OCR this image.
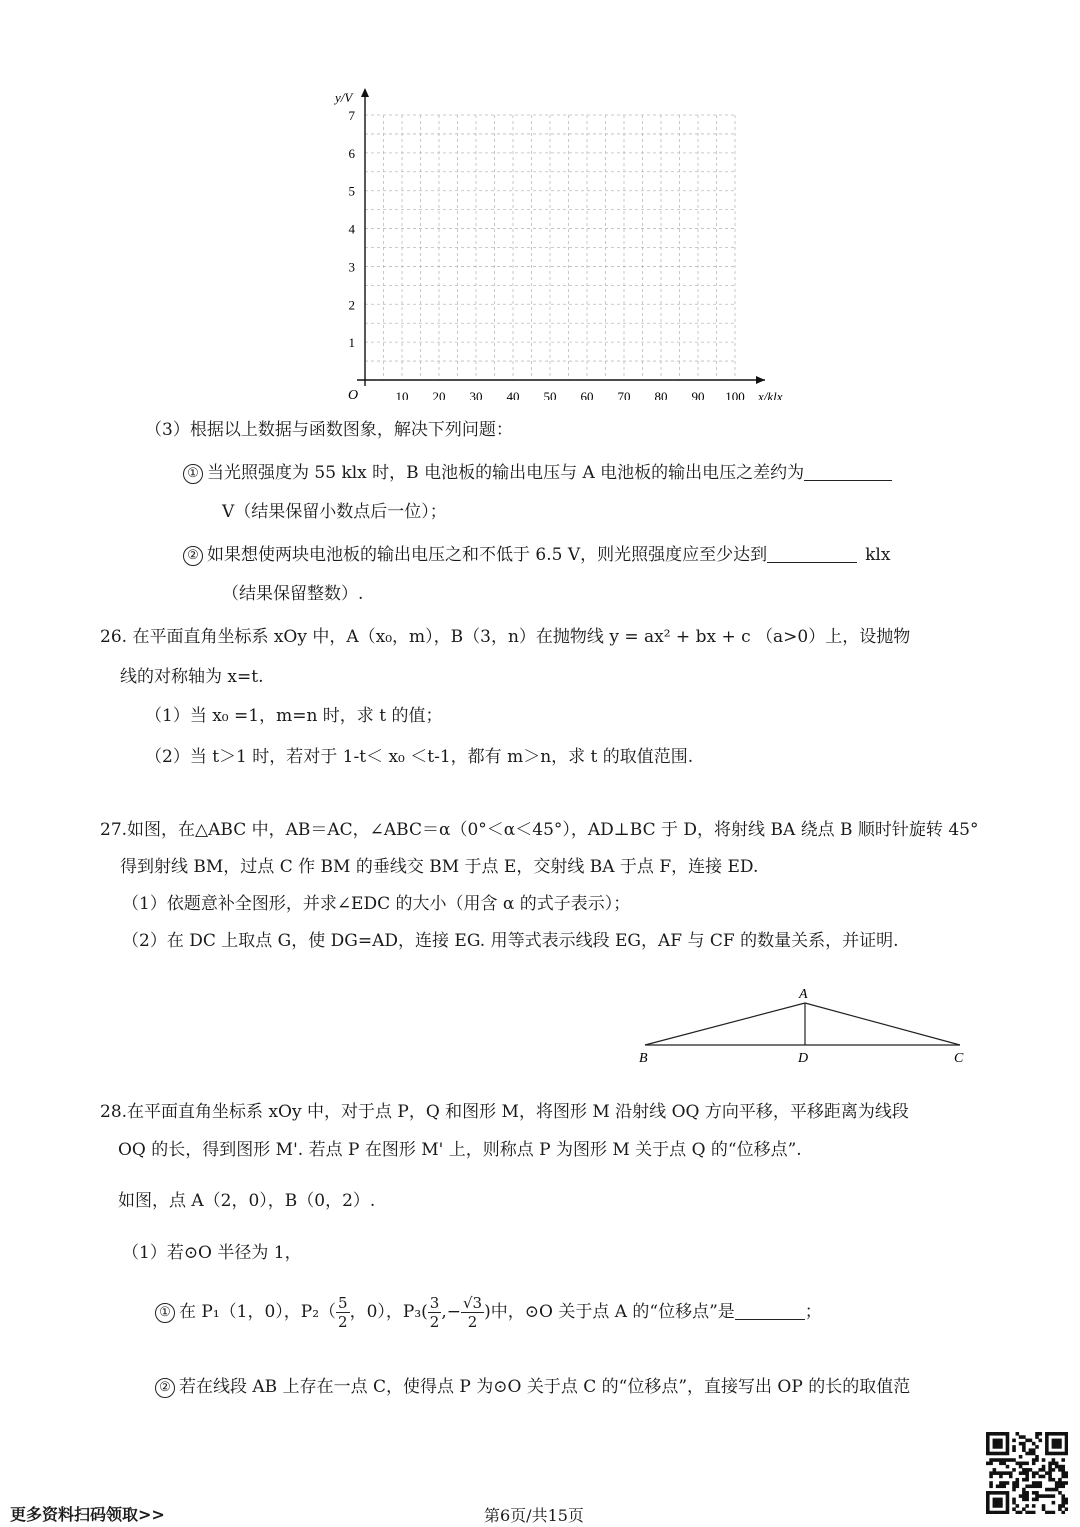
10 20 30 40 50 60 70 80 90 100
1
2
3
4
5
6
7
O	x/klx
y/V
（3）根据以上数据与函数图象，解决下列问题：
① 当光照强度为 55 klx 时，B 电池板的输出电压与 A 电池板的输出电压之差约为
V（结果保留小数点后一位）；
② 如果想使两块电池板的输出电压之和不低于 6.5 V，则光照强度应至少达到	klx
（结果保留整数）.
26. 在平面直角坐标系 xOy 中，A（x₀，m），B（3，n）在抛物线 y = ax² + bx + c （a>0）上，设抛物
线的对称轴为 x=t.
（1）当 x₀ =1，m=n 时，求 t 的值；
（2）当 t＞1 时，若对于 1-t＜ x₀ ＜t-1，都有 m＞n，求 t 的取值范围.
27.如图，在△ABC 中，AB＝AC，∠ABC＝α（0°＜α＜45°），AD⊥BC 于 D，将射线 BA 绕点 B 顺时针旋转 45°
得到射线 BM，过点 C 作 BM 的垂线交 BM 于点 E，交射线 BA 于点 F，连接 ED.
（1）依题意补全图形，并求∠EDC 的大小（用含 α 的式子表示）；
（2）在 DC 上取点 G，使 DG=AD，连接 EG. 用等式表示线段 EG，AF 与 CF 的数量关系，并证明.
A
B	D	C
28.在平面直角坐标系 xOy 中，对于点 P，Q 和图形 M，将图形 M 沿射线 OQ 方向平移，平移距离为线段
OQ 的长，得到图形 M'. 若点 P 在图形 M' 上，则称点 P 为图形 M 关于点 Q 的“位移点”.
如图，点 A（2，0），B（0，2）.
（1）若⊙O 半径为 1，
① 在 P₁（1，0），$P_2( \frac{5}{2}$ ，0），$P_3( \frac{3}{2}$ ,− $\frac{√3}{2}$ )中，⊙O 关于点 A 的“位移点”是	；
② 若在线段 AB 上存在一点 C，使得点 P 为⊙O 关于点 C 的“位移点”，直接写出 OP 的长的取值范
更多资料扫码领取>>	第6页/共15页
